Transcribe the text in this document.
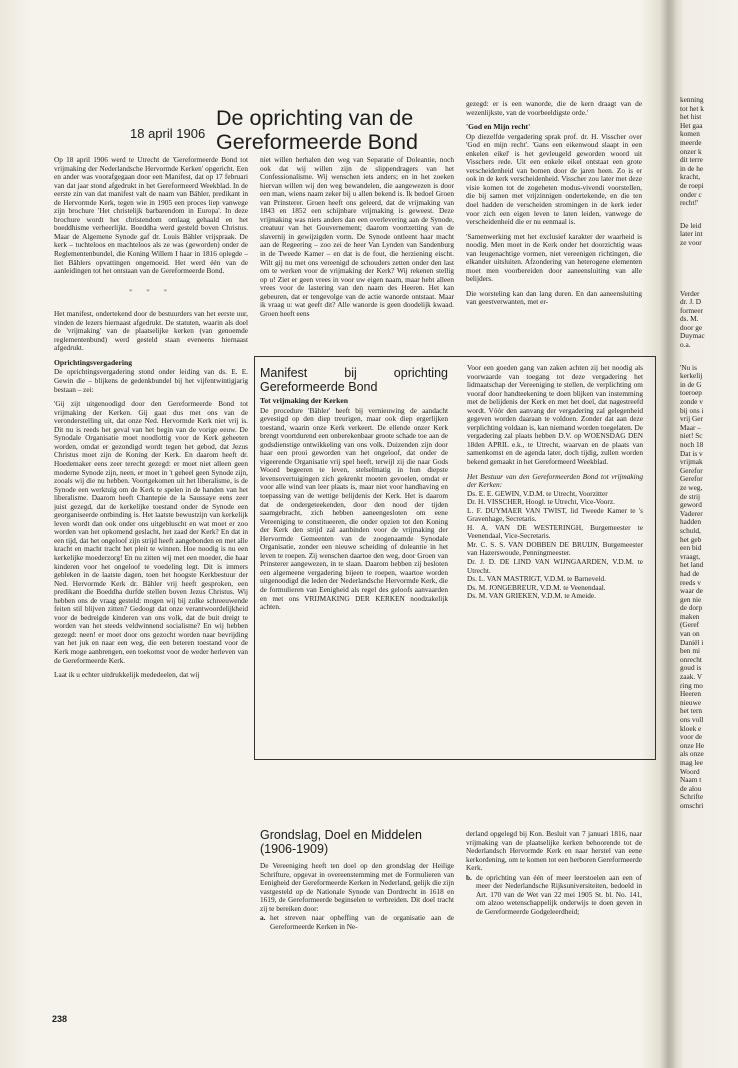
18 april 1906
De oprichting van de Gereformeerde Bond

Op 18 april 1906 werd te Utrecht de 'Gereformeerde Bond tot vrijmaking der Nederlandsche Hervormde Kerken' opgericht. Een en ander was voorafgegaan door een Manifest, dat op 17 februari van dat jaar stond afgedrukt in het Gereformeerd Weekblad. In de eerste zin van dat manifest valt de naam van Bähler, predikant in de Hervormde Kerk, tegen wie in 1905 een proces liep vanwege zijn brochure 'Het christelijk barbarendom in Europa'. In deze brochure wordt het christendom omlaag gehaald en het boeddhisme verheerlijkt. Boeddha werd gesteld boven Christus. Maar de Algemene Synode gaf dr. Louis Bähler vrijspraak. De kerk – tuchteloos en machteloos als ze was (geworden) onder de Reglementenbundel, die Koning Willem I haar in 1816 oplegde – liet Bählers opvattingen ongemoeid. Het werd één van de aanleidingen tot het ontstaan van de Gereformeerde Bond.

* * *

Het manifest, ondertekend door de bestuurders van het eerste uur, vinden de lezers hiernaast afgedrukt. De statuten, waarin als doel de 'vrijmaking' van de plaatselijke kerken (van genoemde reglementenbund) werd gesteld staan eveneens hiernaast afgedrukt.

Oprichtingsvergadering

De oprichtingsvergadering stond onder leiding van ds. E. E. Gewin die – blijkens de gedenkbundel bij het vijfentwintigjarig bestaan – zei:

'Gij zijt uitgenoodigd door den Gereformeerde Bond tot vrijmaking der Kerken. Gij gaat dus met ons van de veronderstelling uit, dat onze Ned. Hervormde Kerk niet vrij is. Dit nu is reeds het geval van het begin van de vorige eeuw. De Synodale Organisatie moet noodlottig voor de Kerk geheeten worden, omdat er gezondigd wordt tegen het gebod, dat Jezus Christus moet zijn de Koning der Kerk. En daarom heeft dr. Hoedemaker eens zeer terecht gezegd: er moet niet alleen geen moderne Synode zijn, neen, er moet in 't geheel geen Synode zijn, zooals wij die nu hebben. Voortgekomen uit het liberalisme, is de Synode een werktuig om de Kerk te spelen in de handen van het liberalisme. Daarom heeft Chantepie de la Saussaye eens zeer juist gezegd, dat de kerkelijke toestand onder de Synode een georganiseerde ontbinding is. Het laatste bewustzijn van kerkelijk leven wordt dan ook onder ons uitgebluscht en wat moet er zoo worden van het opkomend geslacht, het zaad der Kerk? En dat in een tijd, dat het ongeloof zijn strijd heeft aangebonden en met alle kracht en macht tracht het pleit te winnen. Hoe noodig is nu een kerkelijke moederzorg! En nu zitten wij met een moeder, die haar kinderen voor het ongeloof te voedeling legt. Dit is immers gebleken in de laatste dagen, toen het hoogste Kerkbestuur der Ned. Hervormde Kerk dr. Bähler vrij heeft gesproken, een predikant die Boeddha durfde stellen boven Jezus Christus. Wij hebben ons de vraag gesteld: mogen wij bij zulke schreeuwende feiten stil blijven zitten? Gedoogt dat onze verantwoordelijkheid voor de bedreigde kinderen van ons volk, dat de buit dreigt te worden van het steeds veldwinnend socialisme? En wij hebben gezegd: neen! er moet door ons gezocht worden naar bevrijding van het juk en naar een weg, die een beteren toestand voor de Kerk moge aanbrengen, een toekomst voor de weder herleven van de Gereformeerde Kerk.

Laat ik u echter uitdrukkelijk mededeelen, dat wij

niet willen herhalen den weg van Separatie of Doleantie, noch ook dat wij willen zijn de slippendragers van het Confessionalisme. Wij wenschen iets anders; en in het zoeken hiervan willen wij den weg bewandelen, die aangewezen is door een man, wiens naam zeker bij u allen bekend is. Ik bedoel Groen van Prinsterer. Groen heeft ons geleerd, dat de vrijmaking van 1843 en 1852 een schijnbare vrijmaking is geweest. Deze vrijmaking was niets anders dan een overlevering aan de Synode, creatuur van het Gouvernement; daarom voortzetting van de slavernij in gewijzigden vorm. De Synode ontleent haar macht aan de Regeering – zoo zei de heer Van Lynden van Sandenburg in de Tweede Kamer – en dat is de fout, die herziening eischt. Wilt gij nu met ons vereenigd de schouders zetten onder den last om te werken voor de vrijmaking der Kerk? Wij rekenen stellig op u! Ziet er geen vrees in voor uw eigen naam, maar hebt alleen vrees voor de lastering van den naam des Heeren. Het kan gebeuren, dat er tengevolge van de actie wanorde ontstaat. Maar ik vraag u: wat geeft dit? Alle wanorde is geen doodelijk kwaad. Groen heeft eens

gezegd: er is een wanorde, die de kern draagt van de wezenlijkste, van de voorbeeldigste orde.'

'God en Mijn recht'

Op diezelfde vergadering sprak prof. dr. H. Visscher over 'God en mijn recht'. 'Gans een eikenwoud slaapt in een enkelen eikel' is het gevleugeld geworden woord uit Visschers rede. Uit een enkele eikel ontstaat een grote verscheidenheid van bomen door de jaren heen. Zo is er ook in de kerk verscheidenheid. Visscher zou later met deze visie komen tot de zogeheten modus-vivendi voorstellen, die bij samen met vrijzinnigen ondertekende, en die ten doel hadden de verscheiden stromingen in de kerk ieder voor zich een eigen leven te laten leiden, vanwege de verscheidenheid die er nu eenmaal is.

'Samenwerking met het exclusief karakter der waarheid is noodig. Men moet in de Kerk onder het doorzichtig waas van leugenachtige vormen, niet vereenigen richtingen, die elkander uitsluiten. Afzondering van heterogene elementen moet men voorbereiden door aaneensluiting van alle belijders.

Die worsteling kan dan lang duren. En dan aaneensluiting van geestverwanten, met er-

Manifest bij oprichting Gereformeerde Bond
Tot vrijmaking der Kerken

De procedure 'Bähler' heeft bij vernieuwing de aandacht gevestigd op den diep treurigen, maar ook diep ergerlijken toestand, waarin onze Kerk verkeert. De ellende onzer Kerk brengt voortdurend een onberekenbaar groote schade toe aan de godsdienstige ontwikkeling van ons volk. Duizenden zijn door haar een prooi geworden van het ongeloof, dat onder de vigeerende Organisatie vrij spel heeft, terwijl zij die naar Gods Woord begeeren te leven, stelselmatig in hun diepste levensovertuigingen zich gekrenkt moeten gevoelen, omdat er voor alle wind van leer plaats is, maar niet voor handhaving en toepassing van de wettige belijdenis der Kerk. Het is daarom dat de ondergeteekenden, door den nood der tijden saamgebracht, zich hebben aaneengesloten om eene Vereeniging te constitueeren, die onder opzien tot den Koning der Kerk den strijd zal aanbinden voor de vrijmaking der Hervormde Gemeenten van de zoogenaamde Synodale Organisatie, zonder een nieuwe scheiding of doleantie in het leven te roepen. Zij wenschen daartoe den weg, door Groen van Prinsterer aangewezen, in te slaan. Daarom hebben zij besloten een algemeene vergadering bijeen te roepen, waartoe worden uitgenoodigd die leden der Nederlandsche Hervormde Kerk, die de formulieren van Eenigheid als regel des geloofs aanvaarden en met ons VRIJMAKING DER KERKEN noodzakelijk achten.

Voor een goeden gang van zaken achten zij het noodig als voorwaarde van toegang tot deze vergadering het lidmaatschap der Vereeniging te stellen, de verplichting om vooraf door handteekening te doen blijken van instemming met de belijdenis der Kerk en met het doel, dat nagestreefd wordt. Vóór den aanvang der vergadering zal gelegenheid gegeven worden daaraan te voldoen. Zonder dat aan deze verplichting voldaan is, kan niemand worden toegelaten. De vergadering zal plaats hebben D.V. op WOENSDAG DEN 18den APRIL e.k., te Utrecht, waarvan en de plaats van samenkomst en de agenda later, doch tijdig, zullen worden bekend gemaakt in het Gereformeerd Weekblad.

Het Bestuur van den Gereformeerden Bond tot vrijmaking der Kerken:

Ds. E. E. GEWIN, V.D.M. te Utrecht, Voorzitter
Dr. H. VISSCHER, Hoogl. te Utrecht, Vice-Voorz.
L. F. DUYMAER VAN TWIST, lid Tweede Kamer te 's Gravenhage, Secretaris.
H. A. VAN DE WESTERINGH, Burgemeester te Veenendaal, Vice-Secretaris.
Mr. C. S. S. VAN DOBBEN DE BRUIJN, Burgemeester van Hazerswoude, Penningmeester.
Dr. J. D. DE LIND VAN WIJNGAARDEN, V.D.M. te Utrecht.
Ds. L. VAN MASTRIGT, V.D.M. te Barneveld.
Ds. M. JONGEBREUR, V.D.M. te Veenendaal.
Ds. M. VAN GRIEKEN, V.D.M. te Ameide.
Grondslag, Doel en Middelen (1906-1909)

De Vereeniging heeft ten doel op den grondslag der Heilige Schrifture, opgevat in overeenstemming met de Formulieren van Eenigheid der Gereformeerde Kerken in Nederland, gelijk die zijn vastgesteld op de Nationale Synode van Dordrecht in 1618 en 1619, de Gereformeerde beginselen te verbreiden. Dit doel tracht zij te bereiken door:

a. het streven naar opheffing van de organisatie aan de Gereformeerde Kerken in Ne-

derland opgelegd bij Kon. Besluit van 7 januari 1816, naar vrijmaking van de plaatselijke kerken behoorende tot de Nederlandsch Hervormde Kerk en naar herstel van eene kerkordening, om te komen tot een herboren Gereformeerde Kerk.

b. de oprichting van één of meer leerstoelen aan een of meer der Nederlandsche Rijksuniversiteiten, bedoeld in Art. 170 van de Wet van 22 mei 1905 St. bl. No. 141, om alzoo wetenschappelijk onderwijs te doen geven in de Gereformeerde Godgeleerdheid;
238
kenning
tot het k
het hist
Het gaa
komen
meerde
onzer k
dit terre
in de he
kracht,
de roepi
onder c
recht!'
De leid
later int
ze voor
Verder
dr. J. D
formeer
ds. M.
door ge
Duymac
o.a.
'Nu is
kerkelij
in de G
toeroep
zonde v
bij ons i
vrij Ger
Maar –
niet! Sc
noch 18
Dat is v
vrijmak
Gerefor
Gerefor
ze weg,
de strij
geword
Vaderer
hadden
schuld,
het geb
een bid
vraagt,
het land
had de
reeds v
waar de
gen nie
de dorp
maken
(Geref
van on
Daniël i
ben mi
onrecht
goud is
zaak. V
ring mo
Heeren
nieuwe
het tern
ons voll
kloek e
voor de
onze He
als onze
mag lee
Woord
Naam t
de alou
Schrifte
omschri
